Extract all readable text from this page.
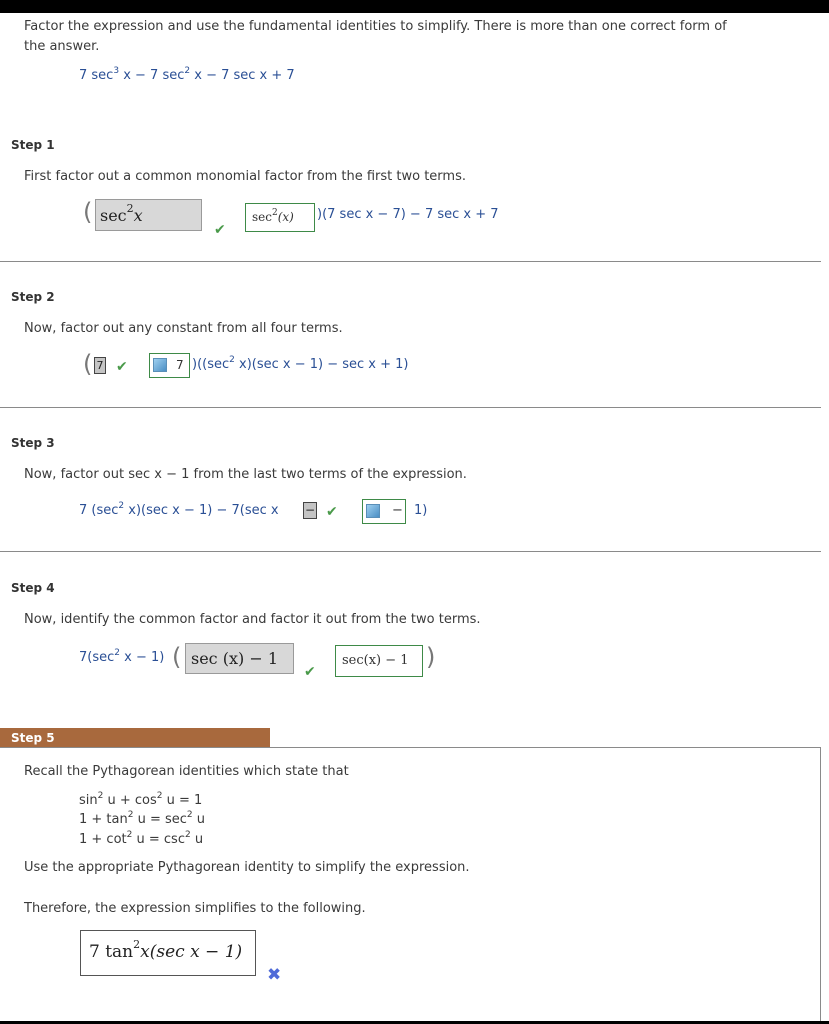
Factor the expression and use the fundamental identities to simplify. There is more than one correct form of
the answer.
7 $\sec^3 x - 7$ $\sec^2 x - 7$ sec x + 7
Step 1
First factor out a common monomial factor from the first two terms.
( $\sec^2x$
✔
$\sec^2(x)$ )(7 sec x − 7) − 7 sec x + 7
Step 2
Now, factor out any constant from all four terms.
( 7 ✔	7 )(($\sec^2$ x)(sec x − 1) − sec x + 1)
Step 3
Now, factor out sec x − 1 from the last two terms of the expression.
7 ($\sec^2$ x)(sec x − 1) − 7(sec x − ✔	− 1)
Step 4
Now, identify the common factor and factor it out from the two terms.
$7(\sec^2$ x − 1) ( sec (x) − 1
✔
sec(x) − 1 )
Step 5
Recall the Pythagorean identities which state that
$\sin^2 u + \cos^2 u = 1$
$1 + \tan^2 u = \sec^2 u$
$1 + \cot^2 u = \csc^2 u$
Use the appropriate Pythagorean identity to simplify the expression.
Therefore, the expression simplifies to the following.
7 $\tan^2x(\sec$ x − 1)
✖
